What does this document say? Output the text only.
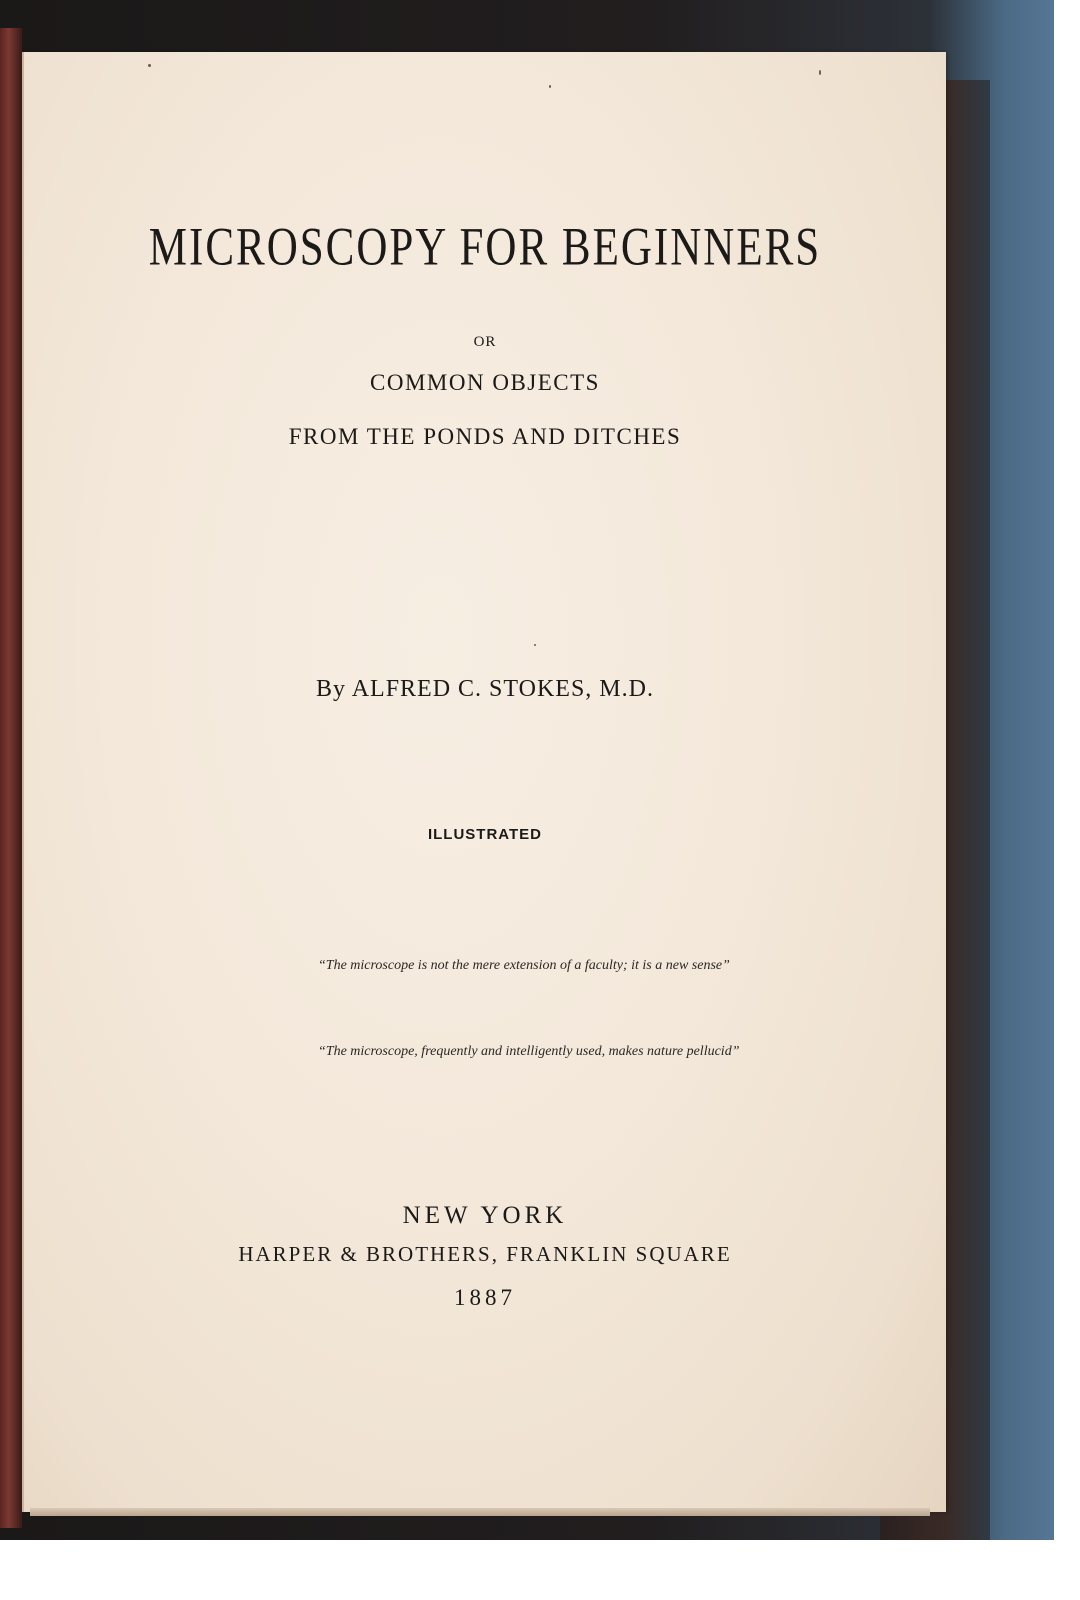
MICROSCOPY FOR BEGINNERS
OR
COMMON OBJECTS
FROM THE PONDS AND DITCHES
By ALFRED C. STOKES, M.D.
ILLUSTRATED
“The microscope is not the mere extension of a faculty; it is a new sense”
“The microscope, frequently and intelligently used, makes nature pellucid”
NEW YORK
HARPER & BROTHERS, FRANKLIN SQUARE
1887
